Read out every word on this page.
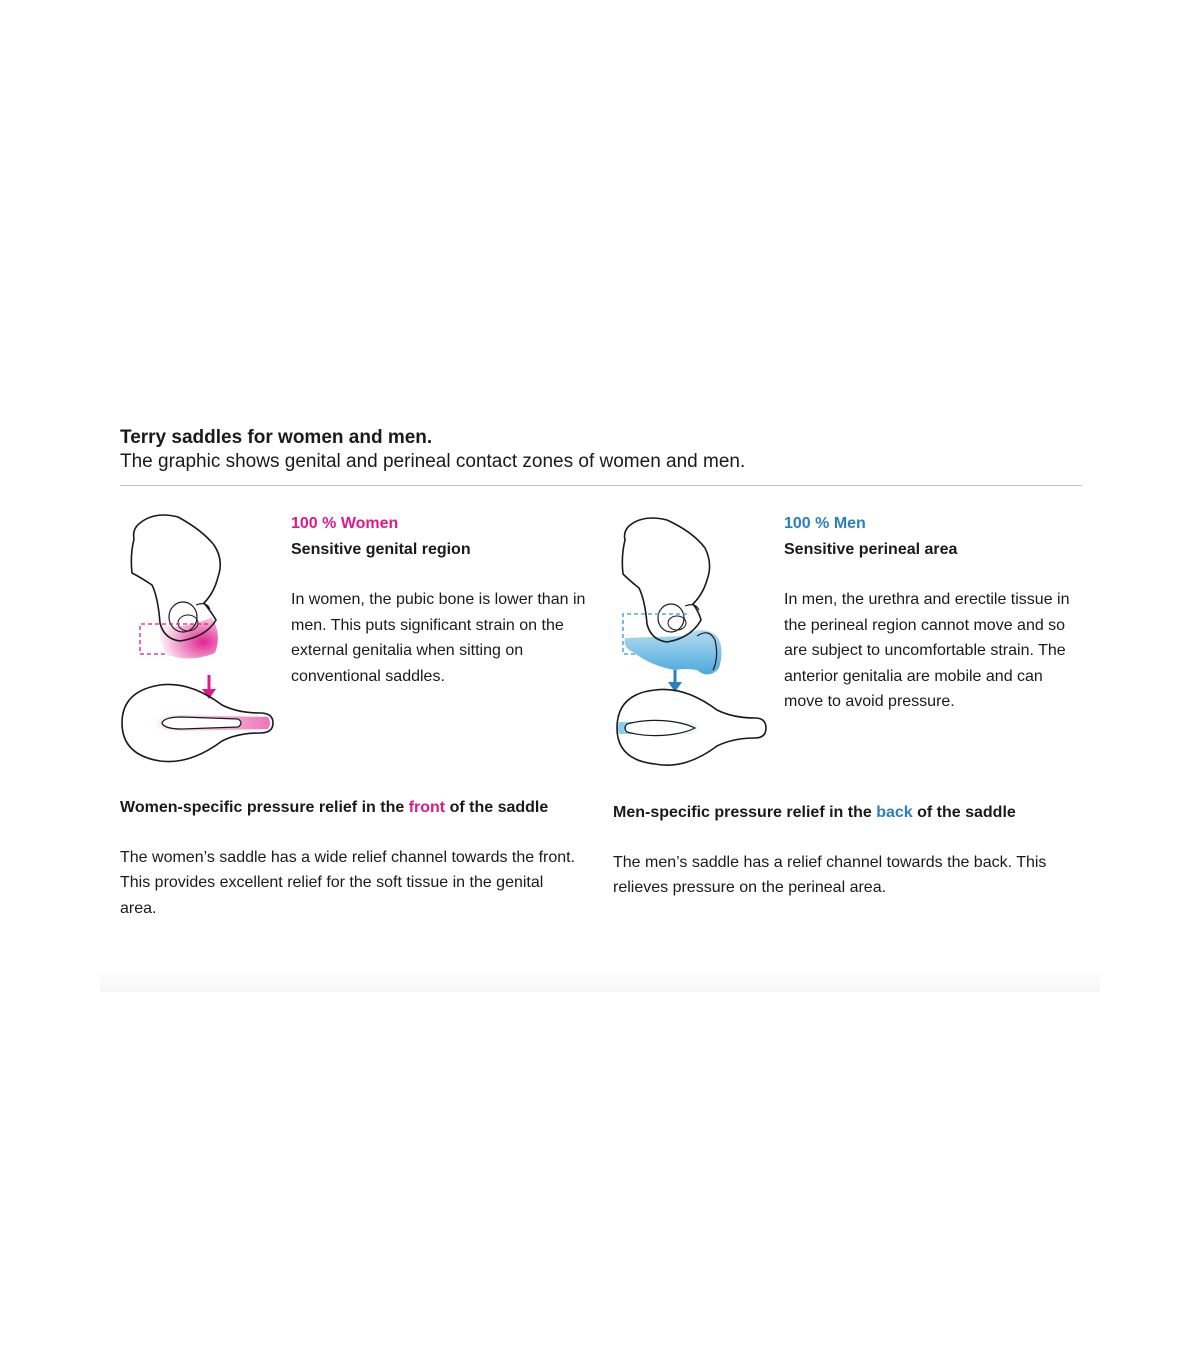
Terry saddles for women and men.

The graphic shows genital and perineal contact zones of women and men.

100 % Women

Sensitive genital region

In women, the pubic bone is lower than in men. This puts significant strain on the external genitalia when sitting on conventional saddles.

100 % Men

Sensitive perineal area

In men, the urethra and erectile tissue in the perineal region cannot move and so are subject to uncomfortable strain. The anterior genitalia are mobile and can move to avoid pressure.

Women-specific pressure relief in the front of the saddle

The women’s saddle has a wide relief channel towards the front. This provides excellent relief for the soft tissue in the genital area.

Men-specific pressure relief in the back of the saddle

The men’s saddle has a relief channel towards the back. This relieves pressure on the perineal area.
